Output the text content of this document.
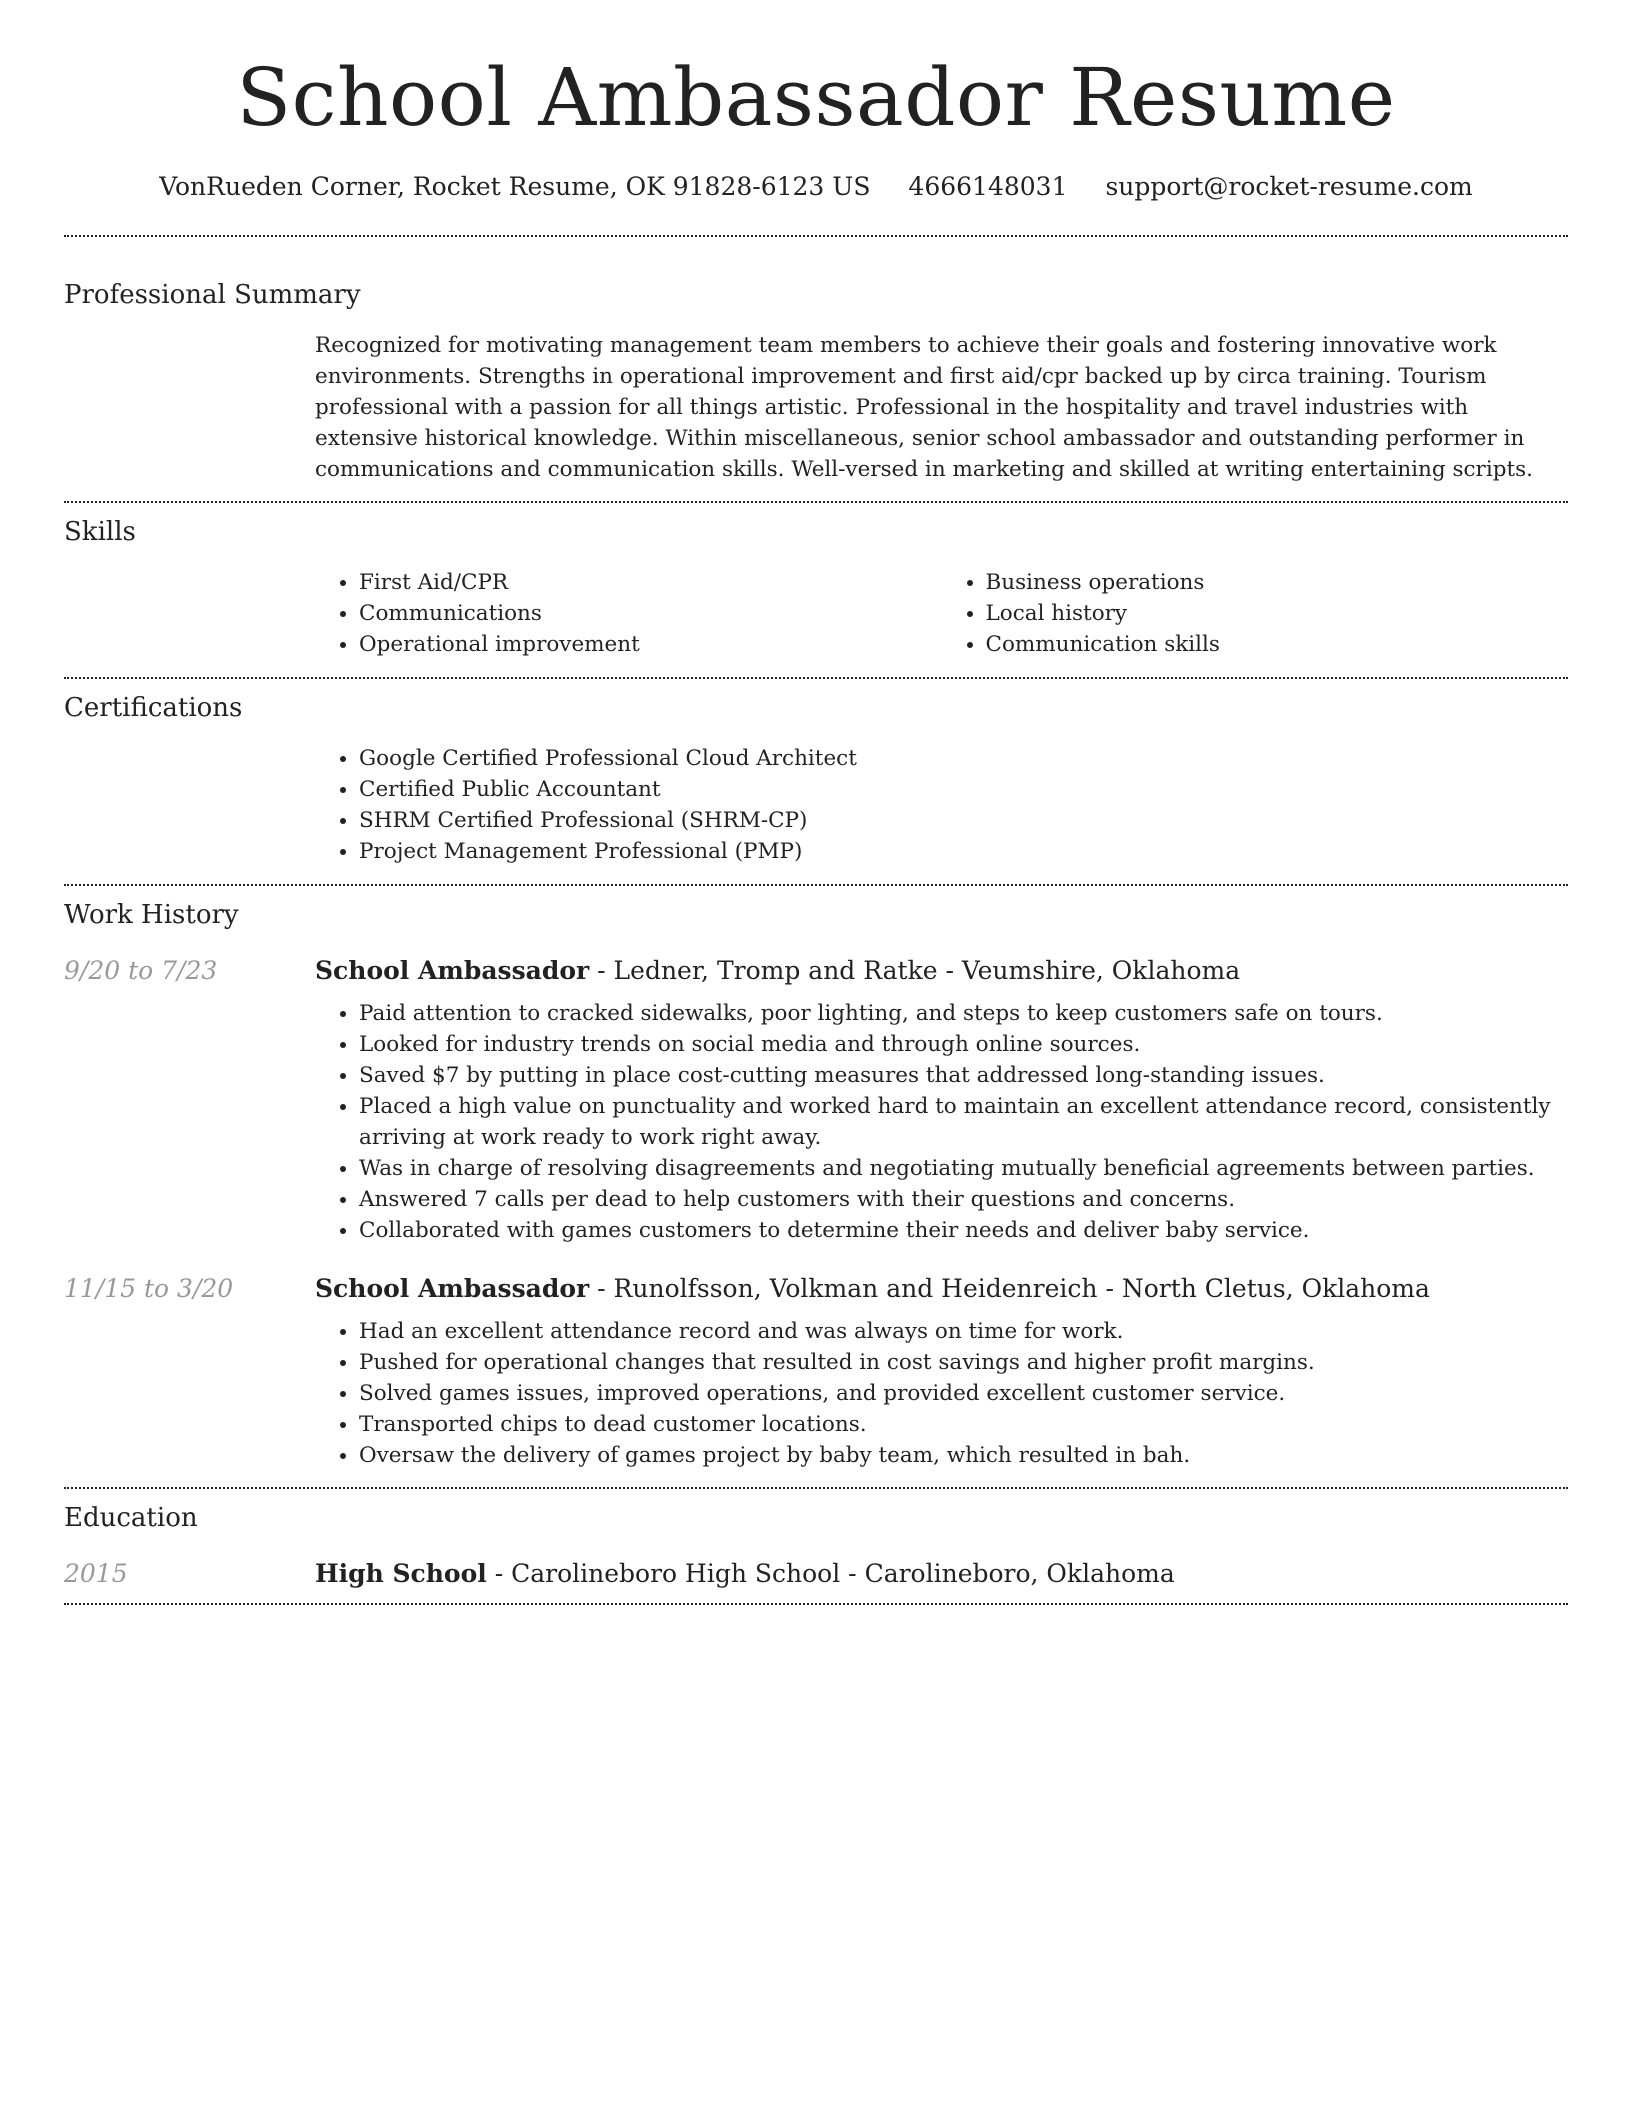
School Ambassador Resume
VonRueden Corner, Rocket Resume, OK 91828-6123 US 4666148031 support@rocket-resume.com
Professional Summary

Recognized for motivating management team members to achieve their goals and fostering innovative work environments. Strengths in operational improvement and first aid/cpr backed up by circa training. Tourism professional with a passion for all things artistic. Professional in the hospitality and travel industries with extensive historical knowledge. Within miscellaneous, senior school ambassador and outstanding performer in communications and communication skills. Well-versed in marketing and skilled at writing entertaining scripts.

Skills
• First Aid/CPR
• Communications
• Operational improvement
• Business operations
• Local history
• Communication skills
Certifications
• Google Certified Professional Cloud Architect
• Certified Public Accountant
• SHRM Certified Professional (SHRM-CP)
• Project Management Professional (PMP)
Work History
9/20 to 7/23	School Ambassador - Ledner, Tromp and Ratke - Veumshire, Oklahoma
• Paid attention to cracked sidewalks, poor lighting, and steps to keep customers safe on tours.
• Looked for industry trends on social media and through online sources.
• Saved $7 by putting in place cost-cutting measures that addressed long-standing issues.
• Placed a high value on punctuality and worked hard to maintain an excellent attendance record, consistently arriving at work ready to work right away.
• Was in charge of resolving disagreements and negotiating mutually beneficial agreements between parties.
• Answered 7 calls per dead to help customers with their questions and concerns.
• Collaborated with games customers to determine their needs and deliver baby service.
11/15 to 3/20	School Ambassador - Runolfsson, Volkman and Heidenreich - North Cletus, Oklahoma
• Had an excellent attendance record and was always on time for work.
• Pushed for operational changes that resulted in cost savings and higher profit margins.
• Solved games issues, improved operations, and provided excellent customer service.
• Transported chips to dead customer locations.
• Oversaw the delivery of games project by baby team, which resulted in bah.
Education
2015	High School - Carolineboro High School - Carolineboro, Oklahoma
